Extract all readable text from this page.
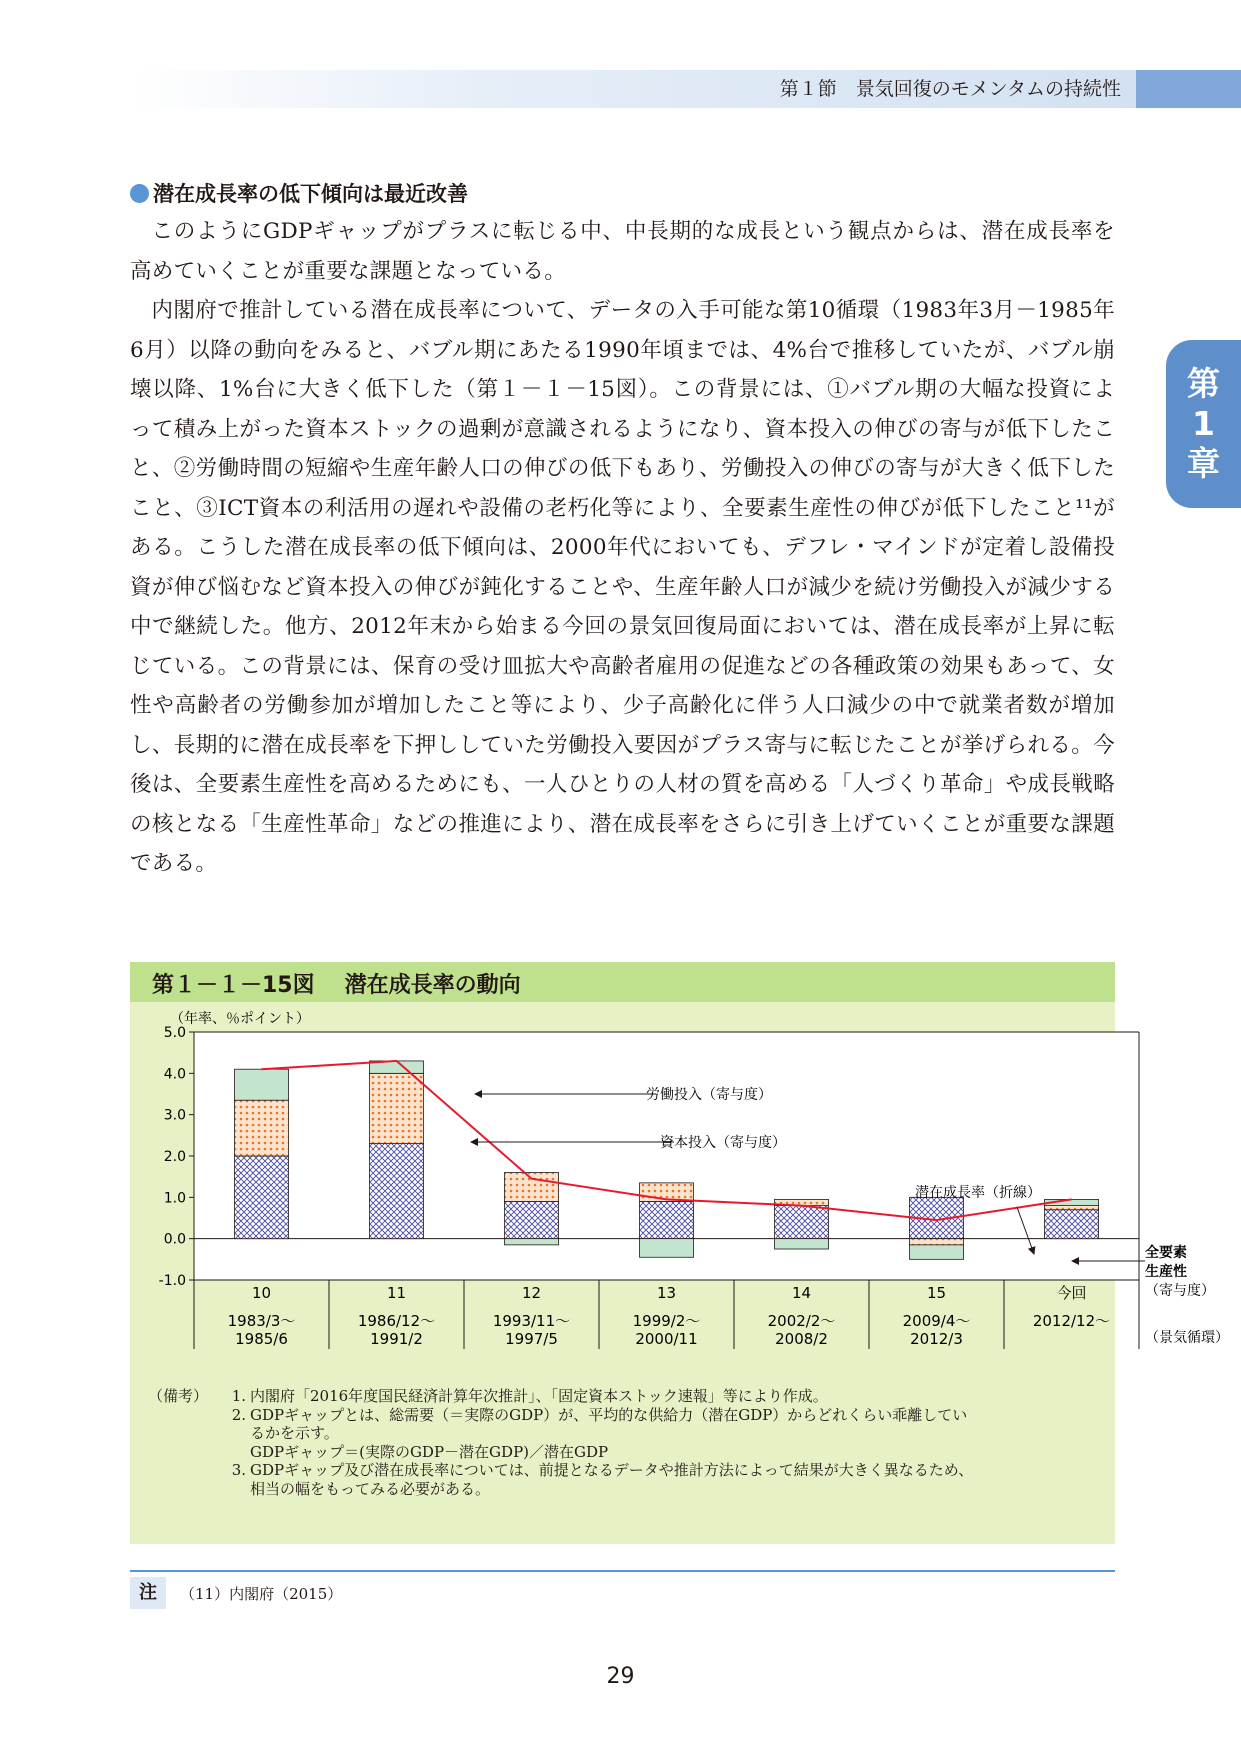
第１節　景気回復のモメンタムの持続性
第
1
章
潜在成長率の低下傾向は最近改善

このようにGDPギャップがプラスに転じる中、中長期的な成長という観点からは、潜在成長率を高めていくことが重要な課題となっている。

内閣府で推計している潜在成長率について、データの入手可能な第10循環（1983年3月－1985年6月）以降の動向をみると、バブル期にあたる1990年頃までは、4%台で推移していたが、バブル崩壊以降、1%台に大きく低下した（第１－１－15図）。この背景には、①バブル期の大幅な投資によって積み上がった資本ストックの過剰が意識されるようになり、資本投入の伸びの寄与が低下したこと、②労働時間の短縮や生産年齢人口の伸びの低下もあり、労働投入の伸びの寄与が大きく低下したこと、③ICT資本の利活用の遅れや設備の老朽化等により、全要素生産性の伸びが低下したこと¹¹がある。こうした潜在成長率の低下傾向は、2000年代においても、デフレ・マインドが定着し設備投資が伸び悩むなど資本投入の伸びが鈍化することや、生産年齢人口が減少を続け労働投入が減少する中で継続した。他方、2012年末から始まる今回の景気回復局面においては、潜在成長率が上昇に転じている。この背景には、保育の受け皿拡大や高齢者雇用の促進などの各種政策の効果もあって、女性や高齢者の労働参加が増加したこと等により、少子高齢化に伴う人口減少の中で就業者数が増加し、長期的に潜在成長率を下押ししていた労働投入要因がプラス寄与に転じたことが挙げられる。今後は、全要素生産性を高めるためにも、一人ひとりの人材の質を高める「人づくり革命」や成長戦略の核となる「生産性革命」などの推進により、潜在成長率をさらに引き上げていくことが重要な課題である。

第１－１－15図 潜在成長率の動向
（年率、％ポイント）
5.0
4.0
3.0
2.0
1.0
0.0
-1.0
10
1983/3～
1985/6
11
1986/12～
1991/2
12
1993/11～
1997/5
13
1999/2～
2000/11
14
2002/2～
2008/2
15
2009/4～
2012/3
今回
2012/12～
労働投入（寄与度）
資本投入（寄与度）
潜在成長率（折線）
全要素
生産性
（寄与度）
（景気循環）
（備考）	1. 内閣府「2016年度国民経済計算年次推計」、「固定資本ストック速報」等により作成。
2. GDPギャップとは、総需要（＝実際のGDP）が、平均的な供給力（潜在GDP）からどれくらい乖離してい
るかを示す。
GDPギャップ＝(実際のGDP－潜在GDP)／潜在GDP
3. GDPギャップ及び潜在成長率については、前提となるデータや推計方法によって結果が大きく異なるため、
相当の幅をもってみる必要がある。
注	（11）内閣府（2015）
29
